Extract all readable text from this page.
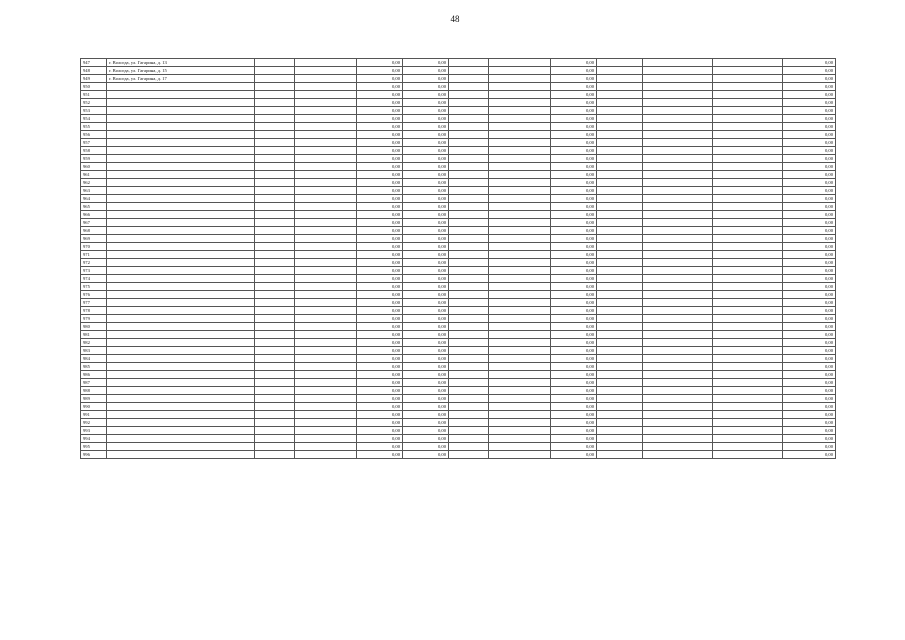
48
947	г. Вологда, ул. Гагарина, д. 13			0,00	0,00			0,00				0,00	
948	г. Вологда, ул. Гагарина, д. 15			0,00	0,00			0,00				0,00	
949	г. Вологда, ул. Гагарина, д. 17			0,00	0,00			0,00				0,00	
950				0,00	0,00			0,00				0,00	
951				0,00	0,00			0,00				0,00	
952				0,00	0,00			0,00				0,00	
953				0,00	0,00			0,00				0,00	
954				0,00	0,00			0,00				0,00	
955				0,00	0,00			0,00				0,00	
956				0,00	0,00			0,00				0,00	
957				0,00	0,00			0,00				0,00	
958				0,00	0,00			0,00				0,00	
959				0,00	0,00			0,00				0,00	
960				0,00	0,00			0,00				0,00	
961				0,00	0,00			0,00				0,00	
962				0,00	0,00			0,00				0,00	
963				0,00	0,00			0,00				0,00	
964				0,00	0,00			0,00				0,00	
965				0,00	0,00			0,00				0,00	
966				0,00	0,00			0,00				0,00	
967				0,00	0,00			0,00				0,00	
968				0,00	0,00			0,00				0,00	
969				0,00	0,00			0,00				0,00	
970				0,00	0,00			0,00				0,00	
971				0,00	0,00			0,00				0,00	
972				0,00	0,00			0,00				0,00	
973				0,00	0,00			0,00				0,00	
974				0,00	0,00			0,00				0,00	
975				0,00	0,00			0,00				0,00	
976				0,00	0,00			0,00				0,00	
977				0,00	0,00			0,00				0,00	
978				0,00	0,00			0,00				0,00	
979				0,00	0,00			0,00				0,00	
980				0,00	0,00			0,00				0,00	
981				0,00	0,00			0,00				0,00	
982				0,00	0,00			0,00				0,00	
983				0,00	0,00			0,00				0,00	
984				0,00	0,00			0,00				0,00	
985				0,00	0,00			0,00				0,00	
986				0,00	0,00			0,00				0,00	
987				0,00	0,00			0,00				0,00	
988				0,00	0,00			0,00				0,00	
989				0,00	0,00			0,00				0,00	
990				0,00	0,00			0,00				0,00	
991				0,00	0,00			0,00				0,00	
992				0,00	0,00			0,00				0,00	
993				0,00	0,00			0,00				0,00	
994				0,00	0,00			0,00				0,00	
995				0,00	0,00			0,00				0,00	
996				0,00	0,00			0,00				0,00	
